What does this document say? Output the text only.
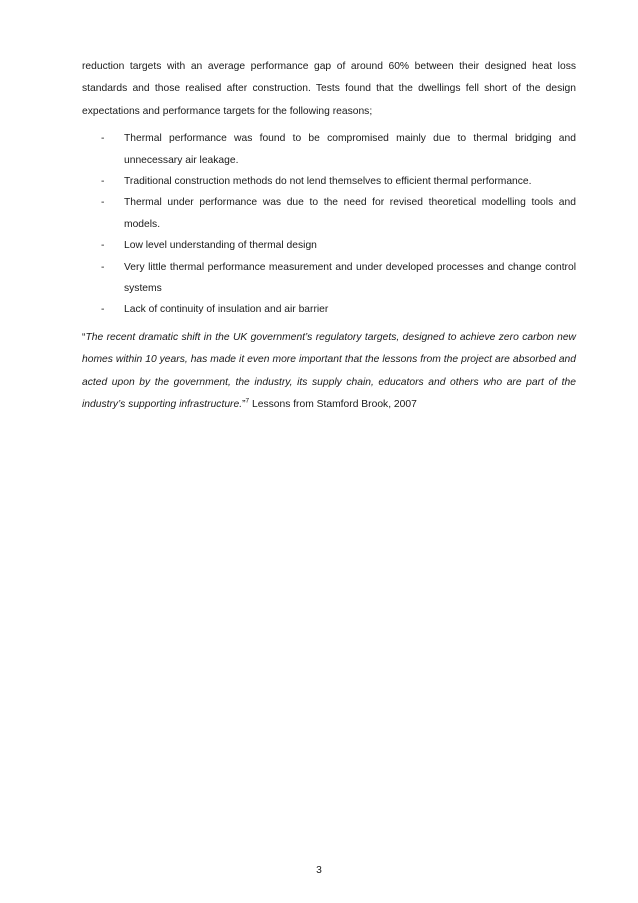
reduction targets with an average performance gap of around 60% between their designed heat loss standards and those realised after construction. Tests found that the dwellings fell short of the design expectations and performance targets for the following reasons;

- Thermal performance was found to be compromised mainly due to thermal bridging and unnecessary air leakage.
- Traditional construction methods do not lend themselves to efficient thermal performance.
- Thermal under performance was due to the need for revised theoretical modelling tools and models.
- Low level understanding of thermal design
- Very little thermal performance measurement and under developed processes and change control systems
- Lack of continuity of insulation and air barrier

“The recent dramatic shift in the UK government’s regulatory targets, designed to achieve zero carbon new homes within 10 years, has made it even more important that the lessons from the project are absorbed and acted upon by the government, the industry, its supply chain, educators and others who are part of the industry’s supporting infrastructure.”$^7$ Lessons from Stamford Brook, 2007

3
